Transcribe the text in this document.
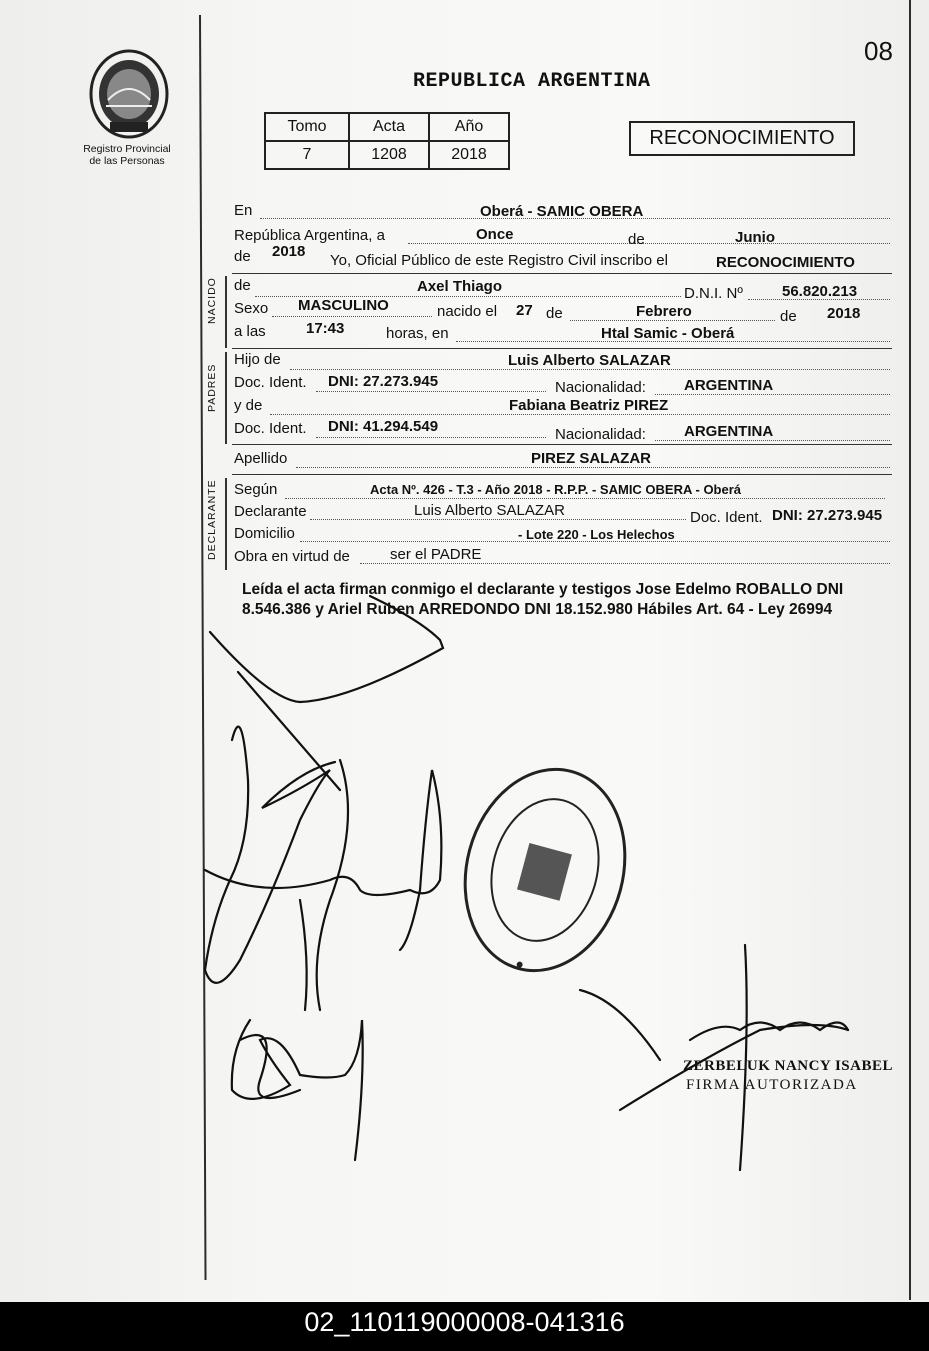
Registro Provincial
de las Personas
08
REPUBLICA ARGENTINA
Tomo	Acta	Año
7	1208	2018
RECONOCIMIENTO
En	Oberá - SAMIC OBERA
República Argentina, a	Once	de	Junio
de 2018
Yo, Oficial Público de este Registro Civil inscribo el	RECONOCIMIENTO
NACIDO de	Axel Thiago	D.N.I. Nº	56.820.213
Sexo MASCULINO	nacido el 27 de	Febrero	de 2018
a las	17:43	horas, en	Htal Samic - Oberá
PADRES
Hijo de	Luis Alberto SALAZAR
Doc. Ident. DNI: 27.273.945	Nacionalidad:	ARGENTINA
y de	Fabiana Beatriz PIREZ
Doc. Ident. DNI: 41.294.549	Nacionalidad:	ARGENTINA
Apellido	PIREZ SALAZAR
DECLARANTE Según	Acta Nº. 426 - T.3 - Año 2018 - R.P.P. - SAMIC OBERA - Oberá
Declarante	Luis Alberto SALAZAR	Doc. Ident. DNI: 27.273.945
Domicilio	- Lote 220 - Los Helechos
Obra en virtud de	ser el PADRE
Leída el acta firman conmigo el declarante y testigos Jose Edelmo ROBALLO DNI 8.546.386 y Ariel Ruben ARREDONDO DNI 18.152.980 Hábiles Art. 64 - Ley 26994
ZERBELUK NANCY ISABEL
FIRMA AUTORIZADA
02_110119000008-041316
